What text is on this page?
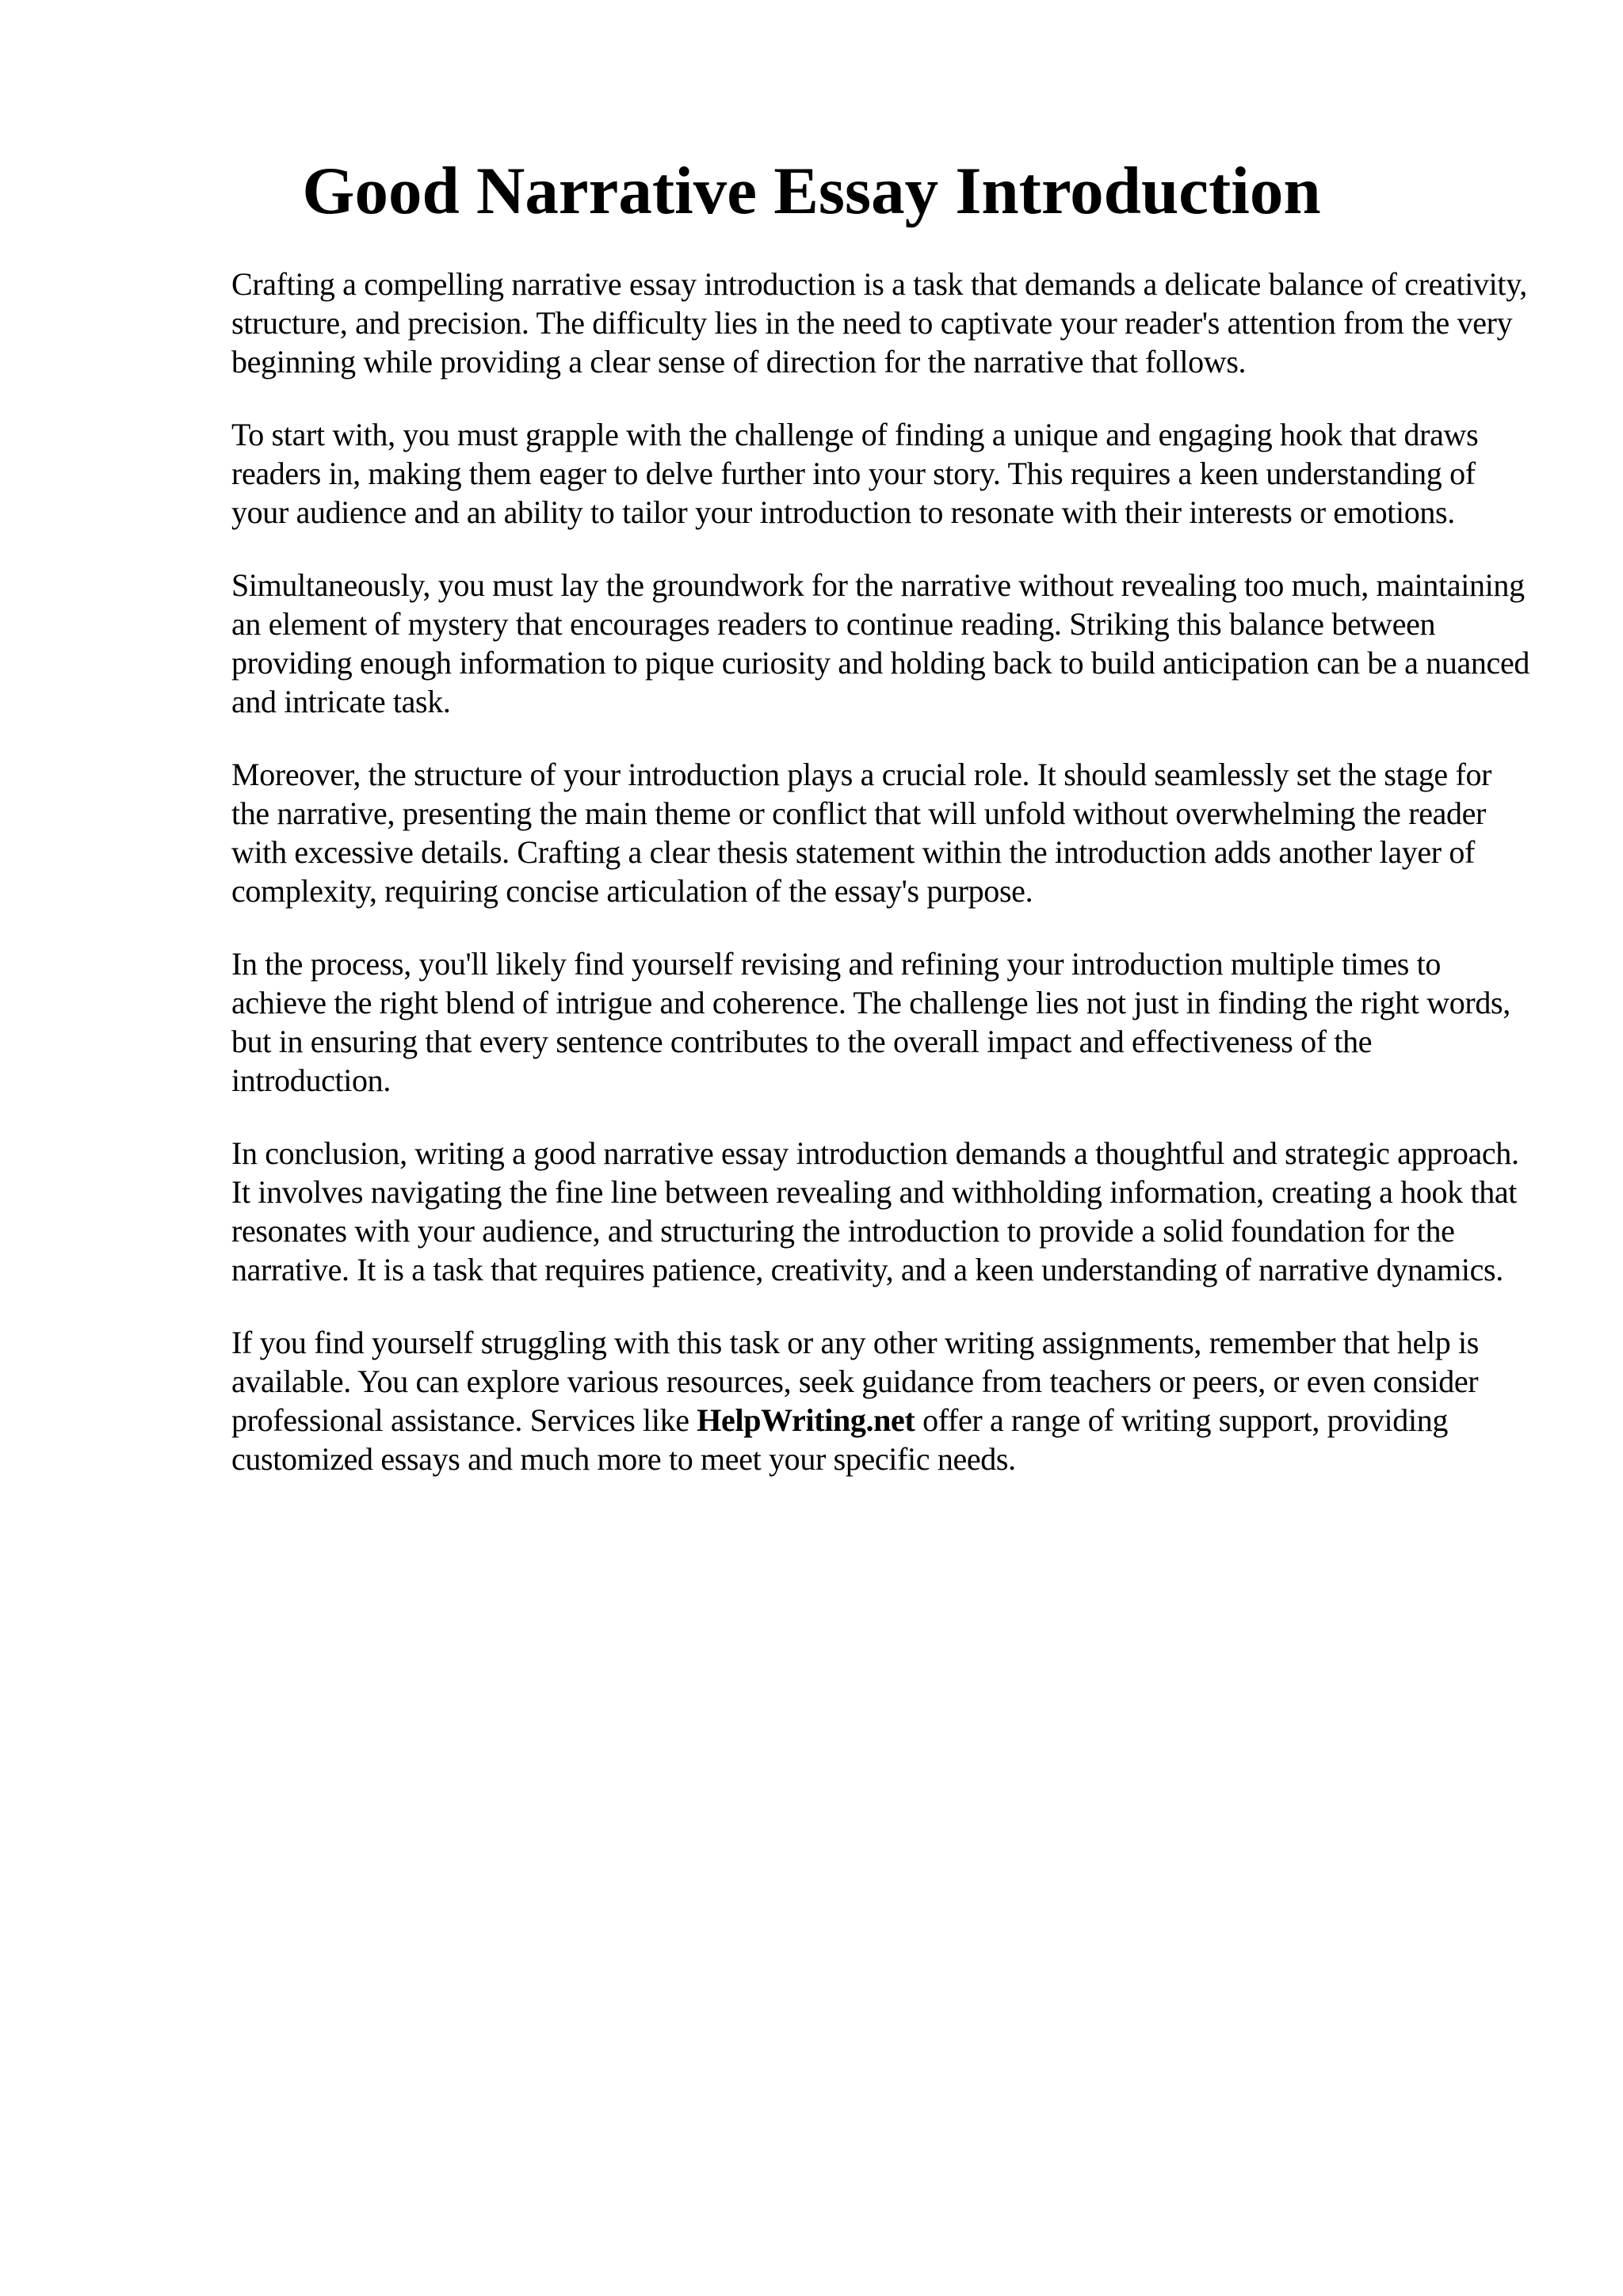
Good Narrative Essay Introduction

Crafting a compelling narrative essay introduction is a task that demands a delicate balance of creativity, structure, and precision. The difficulty lies in the need to captivate your reader's attention from the very beginning while providing a clear sense of direction for the narrative that follows.

To start with, you must grapple with the challenge of finding a unique and engaging hook that draws readers in, making them eager to delve further into your story. This requires a keen understanding of your audience and an ability to tailor your introduction to resonate with their interests or emotions.

Simultaneously, you must lay the groundwork for the narrative without revealing too much, maintaining an element of mystery that encourages readers to continue reading. Striking this balance between providing enough information to pique curiosity and holding back to build anticipation can be a nuanced and intricate task.

Moreover, the structure of your introduction plays a crucial role. It should seamlessly set the stage for the narrative, presenting the main theme or conflict that will unfold without overwhelming the reader with excessive details. Crafting a clear thesis statement within the introduction adds another layer of complexity, requiring concise articulation of the essay's purpose.

In the process, you'll likely find yourself revising and refining your introduction multiple times to achieve the right blend of intrigue and coherence. The challenge lies not just in finding the right words, but in ensuring that every sentence contributes to the overall impact and effectiveness of the introduction.

In conclusion, writing a good narrative essay introduction demands a thoughtful and strategic approach. It involves navigating the fine line between revealing and withholding information, creating a hook that resonates with your audience, and structuring the introduction to provide a solid foundation for the narrative. It is a task that requires patience, creativity, and a keen understanding of narrative dynamics.

If you find yourself struggling with this task or any other writing assignments, remember that help is available. You can explore various resources, seek guidance from teachers or peers, or even consider professional assistance. Services like HelpWriting.net offer a range of writing support, providing customized essays and much more to meet your specific needs.
